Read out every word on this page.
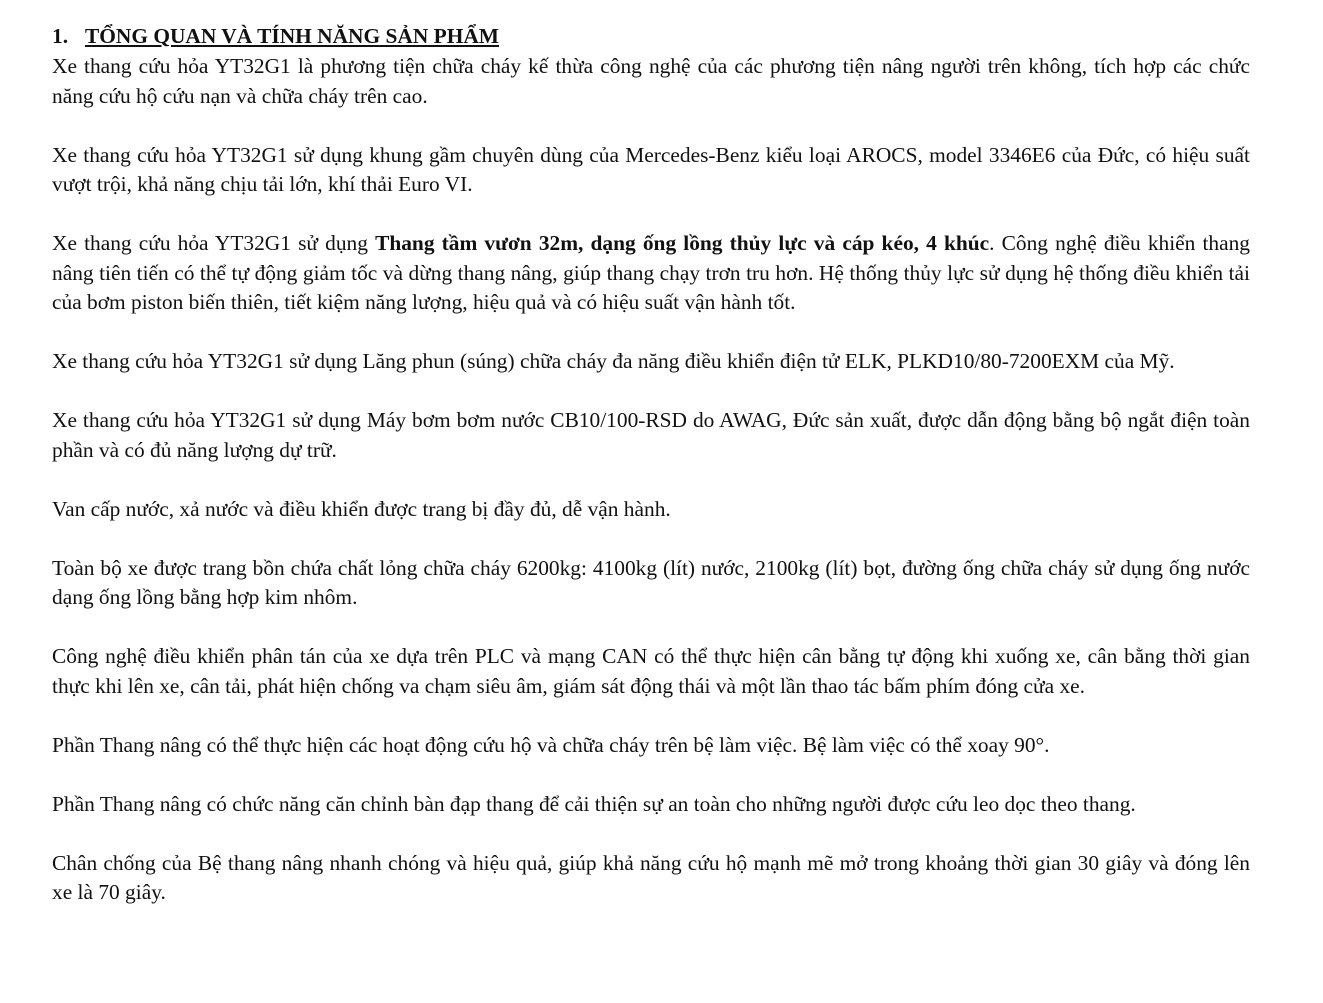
1. TỔNG QUAN VÀ TÍNH NĂNG SẢN PHẨM

Xe thang cứu hỏa YT32G1 là phương tiện chữa cháy kế thừa công nghệ của các phương tiện nâng người trên không, tích hợp các chức năng cứu hộ cứu nạn và chữa cháy trên cao.

Xe thang cứu hỏa YT32G1 sử dụng khung gầm chuyên dùng của Mercedes-Benz kiểu loại AROCS, model 3346E6 của Đức, có hiệu suất vượt trội, khả năng chịu tải lớn, khí thải Euro VI.

Xe thang cứu hỏa YT32G1 sử dụng Thang tầm vươn 32m, dạng ống lồng thủy lực và cáp kéo, 4 khúc. Công nghệ điều khiển thang nâng tiên tiến có thể tự động giảm tốc và dừng thang nâng, giúp thang chạy trơn tru hơn. Hệ thống thủy lực sử dụng hệ thống điều khiển tải của bơm piston biến thiên, tiết kiệm năng lượng, hiệu quả và có hiệu suất vận hành tốt.

Xe thang cứu hỏa YT32G1 sử dụng Lăng phun (súng) chữa cháy đa năng điều khiển điện tử ELK, PLKD10/80-7200EXM của Mỹ.

Xe thang cứu hỏa YT32G1 sử dụng Máy bơm bơm nước CB10/100-RSD do AWAG, Đức sản xuất, được dẫn động bằng bộ ngắt điện toàn phần và có đủ năng lượng dự trữ.

Van cấp nước, xả nước và điều khiển được trang bị đầy đủ, dễ vận hành.

Toàn bộ xe được trang bồn chứa chất lỏng chữa cháy 6200kg: 4100kg (lít) nước, 2100kg (lít) bọt, đường ống chữa cháy sử dụng ống nước dạng ống lồng bằng hợp kim nhôm.

Công nghệ điều khiển phân tán của xe dựa trên PLC và mạng CAN có thể thực hiện cân bằng tự động khi xuống xe, cân bằng thời gian thực khi lên xe, cân tải, phát hiện chống va chạm siêu âm, giám sát động thái và một lần thao tác bấm phím đóng cửa xe.

Phần Thang nâng có thể thực hiện các hoạt động cứu hộ và chữa cháy trên bệ làm việc. Bệ làm việc có thể xoay 90°.

Phần Thang nâng có chức năng căn chỉnh bàn đạp thang để cải thiện sự an toàn cho những người được cứu leo dọc theo thang.

Chân chống của Bệ thang nâng nhanh chóng và hiệu quả, giúp khả năng cứu hộ mạnh mẽ mở trong khoảng thời gian 30 giây và đóng lên xe là 70 giây.
